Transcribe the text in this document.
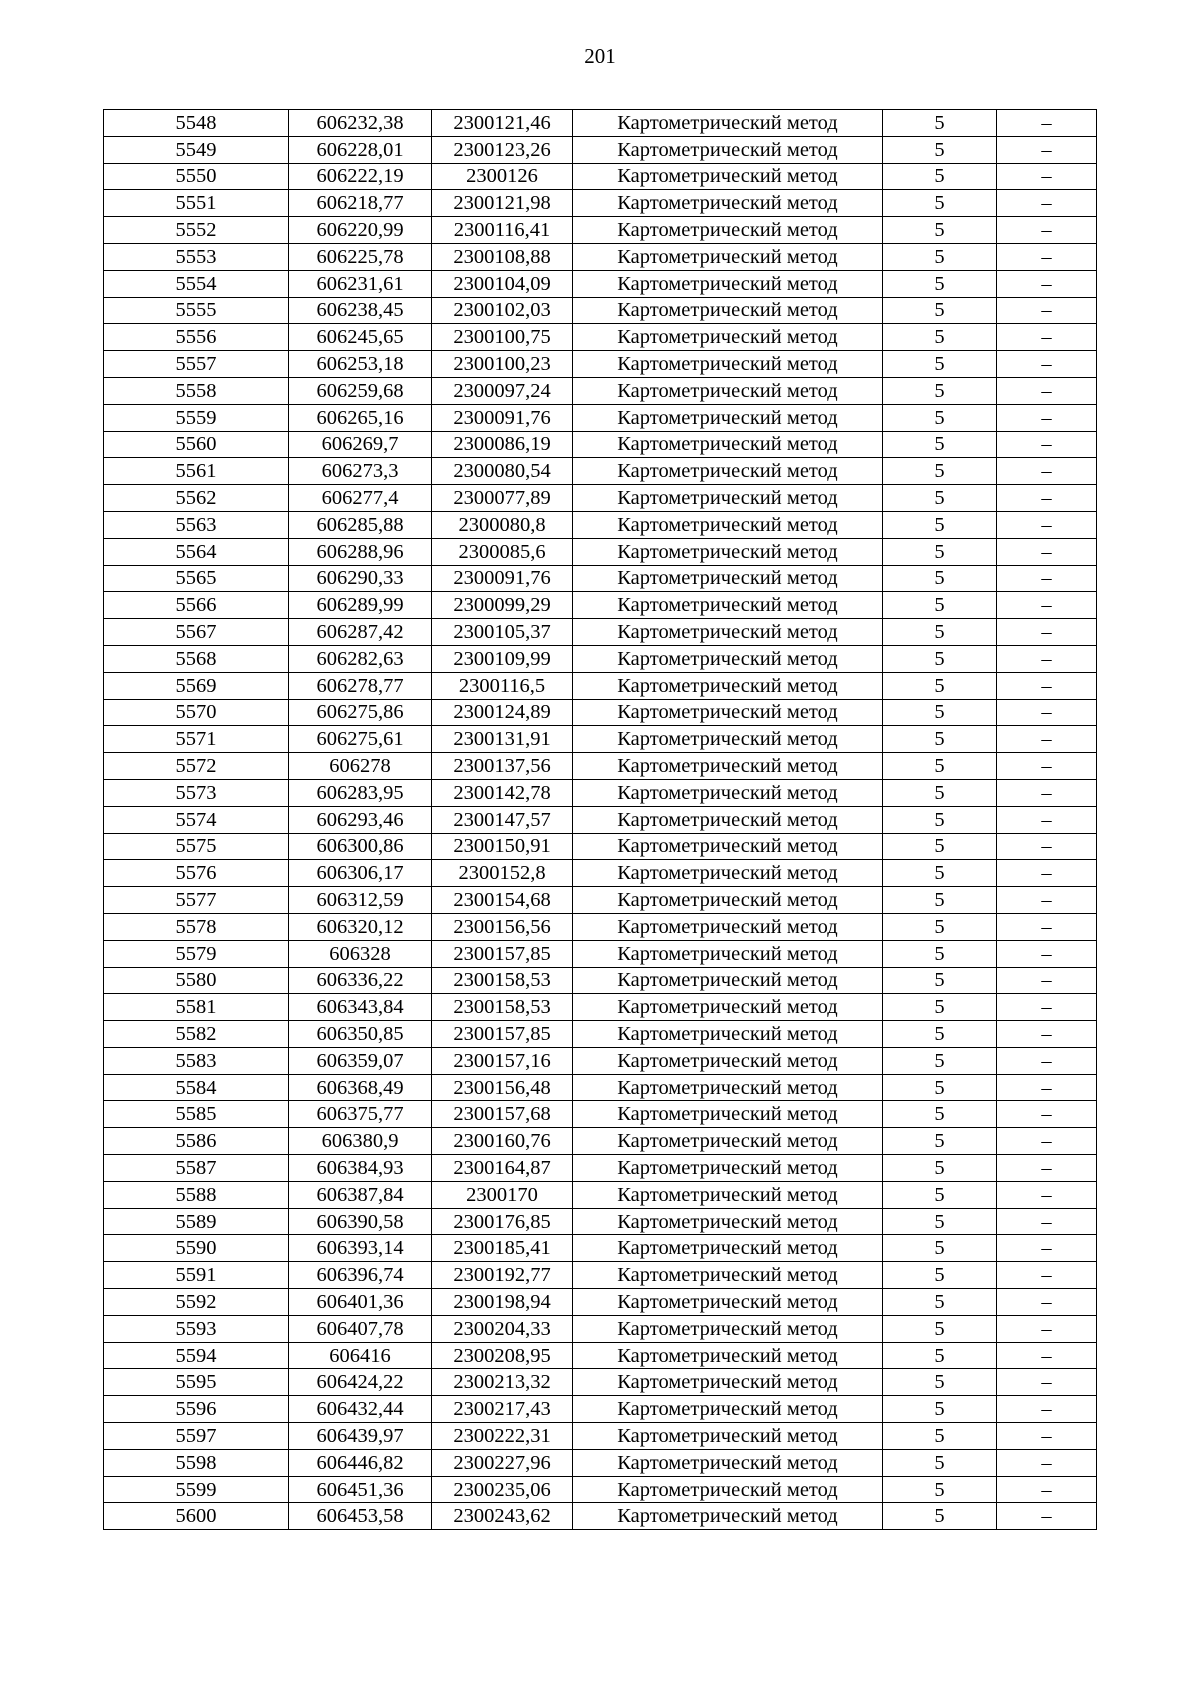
201
5548	606232,38	2300121,46	Картометрический метод	5	–
5549	606228,01	2300123,26	Картометрический метод	5	–
5550	606222,19	2300126	Картометрический метод	5	–
5551	606218,77	2300121,98	Картометрический метод	5	–
5552	606220,99	2300116,41	Картометрический метод	5	–
5553	606225,78	2300108,88	Картометрический метод	5	–
5554	606231,61	2300104,09	Картометрический метод	5	–
5555	606238,45	2300102,03	Картометрический метод	5	–
5556	606245,65	2300100,75	Картометрический метод	5	–
5557	606253,18	2300100,23	Картометрический метод	5	–
5558	606259,68	2300097,24	Картометрический метод	5	–
5559	606265,16	2300091,76	Картометрический метод	5	–
5560	606269,7	2300086,19	Картометрический метод	5	–
5561	606273,3	2300080,54	Картометрический метод	5	–
5562	606277,4	2300077,89	Картометрический метод	5	–
5563	606285,88	2300080,8	Картометрический метод	5	–
5564	606288,96	2300085,6	Картометрический метод	5	–
5565	606290,33	2300091,76	Картометрический метод	5	–
5566	606289,99	2300099,29	Картометрический метод	5	–
5567	606287,42	2300105,37	Картометрический метод	5	–
5568	606282,63	2300109,99	Картометрический метод	5	–
5569	606278,77	2300116,5	Картометрический метод	5	–
5570	606275,86	2300124,89	Картометрический метод	5	–
5571	606275,61	2300131,91	Картометрический метод	5	–
5572	606278	2300137,56	Картометрический метод	5	–
5573	606283,95	2300142,78	Картометрический метод	5	–
5574	606293,46	2300147,57	Картометрический метод	5	–
5575	606300,86	2300150,91	Картометрический метод	5	–
5576	606306,17	2300152,8	Картометрический метод	5	–
5577	606312,59	2300154,68	Картометрический метод	5	–
5578	606320,12	2300156,56	Картометрический метод	5	–
5579	606328	2300157,85	Картометрический метод	5	–
5580	606336,22	2300158,53	Картометрический метод	5	–
5581	606343,84	2300158,53	Картометрический метод	5	–
5582	606350,85	2300157,85	Картометрический метод	5	–
5583	606359,07	2300157,16	Картометрический метод	5	–
5584	606368,49	2300156,48	Картометрический метод	5	–
5585	606375,77	2300157,68	Картометрический метод	5	–
5586	606380,9	2300160,76	Картометрический метод	5	–
5587	606384,93	2300164,87	Картометрический метод	5	–
5588	606387,84	2300170	Картометрический метод	5	–
5589	606390,58	2300176,85	Картометрический метод	5	–
5590	606393,14	2300185,41	Картометрический метод	5	–
5591	606396,74	2300192,77	Картометрический метод	5	–
5592	606401,36	2300198,94	Картометрический метод	5	–
5593	606407,78	2300204,33	Картометрический метод	5	–
5594	606416	2300208,95	Картометрический метод	5	–
5595	606424,22	2300213,32	Картометрический метод	5	–
5596	606432,44	2300217,43	Картометрический метод	5	–
5597	606439,97	2300222,31	Картометрический метод	5	–
5598	606446,82	2300227,96	Картометрический метод	5	–
5599	606451,36	2300235,06	Картометрический метод	5	–
5600	606453,58	2300243,62	Картометрический метод	5	–
